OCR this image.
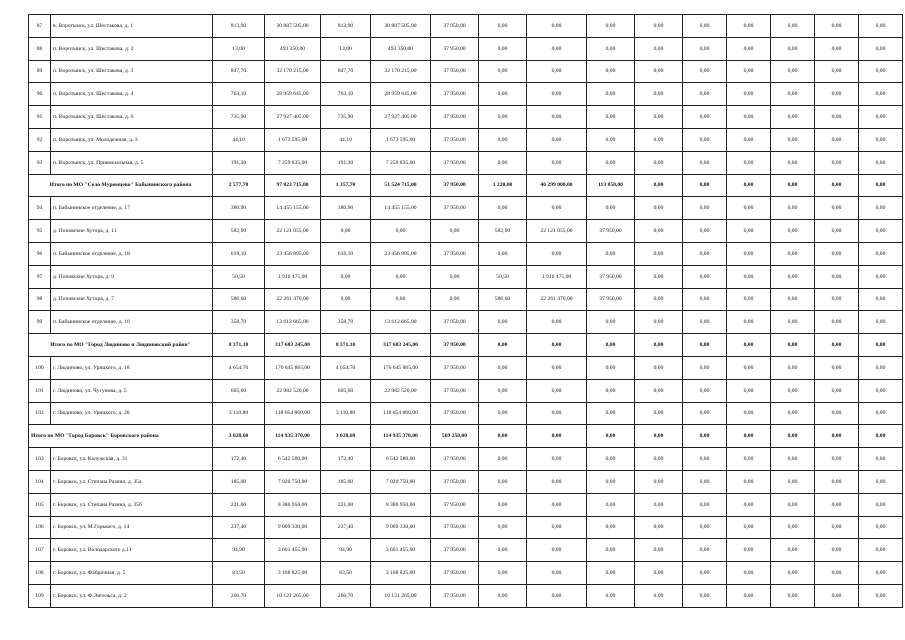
87	в. Воротынск, ул. Шестакова, д. 1	813,90	30 887 505,00	813,90	30 887 505,00	37 950,00	0,00	0,00	0,00	0,00	0,00	0,00	0,00	0,00	0,00
88	п. Воротынск, ул. Шестакова, д. 2	13,00	493 350,00	13,00	493 350,00	37 950,00	0,00	0,00	0,00	0,00	0,00	0,00	0,00	0,00	0,00
89	п. Воротынск, ул. Шестакова, д. 3	847,70	32 170 215,00	847,70	32 170 215,00	37 950,00	0,00	0,00	0,00	0,00	0,00	0,00	0,00	0,00	0,00
90	п. Воротынск, ул. Шестакова, д. 4	763,10	28 959 645,00	763,10	28 959 645,00	37 950,00	0,00	0,00	0,00	0,00	0,00	0,00	0,00	0,00	0,00
91	п. Воротынск, ул. Шестакова, д. 6	735,90	27 927 405,00	735,90	27 927 405,00	37 950,00	0,00	0,00	0,00	0,00	0,00	0,00	0,00	0,00	0,00
92	п. Воротынск, ул. Молодежная, д. 3	44,10	1 673 595,00	44,10	1 673 595,00	37 950,00	0,00	0,00	0,00	0,00	0,00	0,00	0,00	0,00	0,00
93	п. Воротынск, ул. Привокзальная, д. 5	191,30	7 259 835,00	191,30	7 259 835,00	37 950,00	0,00	0,00	0,00	0,00	0,00	0,00	0,00	0,00	0,00
Итого по МО "Село Муромцево" Бабынинского района		2 577,70	97 823 715,00	1 357,70	51 524 715,00	37 950,00	1 220,00	46 299 000,00	113 850,00	0,00	0,00	0,00	0,00	0,00	0,00
94	п. Бабынинское отделение, д. 17	380,90	14 455 155,00	380,90	14 455 155,00	37 950,00	0,00	0,00	0,00	0,00	0,00	0,00	0,00	0,00	0,00
95	д. Поповские Хутора, д. 11	582,90	22 121 055,00	0,00	0,00	0,00	582,90	22 121 055,00	37 950,00	0,00	0,00	0,00	0,00	0,00	0,00
96	п. Бабынинское отделение, д. 18	618,10	23 456 895,00	618,10	23 456 895,00	37 950,00	0,00	0,00	0,00	0,00	0,00	0,00	0,00	0,00	0,00
97	д. Поповские Хутора, д. 9	50,50	1 916 475,00	0,00	0,00	0,00	50,50	1 916 475,00	37 950,00	0,00	0,00	0,00	0,00	0,00	0,00
98	д. Поповские Хутора, д. 7	586,60	22 261 470,00	0,00	0,00	0,00	586,60	22 261 470,00	37 950,00	0,00	0,00	0,00	0,00	0,00	0,00
99	п. Бабынинское отделение, д. 16	358,70	13 612 665,00	358,70	13 612 665,00	37 950,00	0,00	0,00	0,00	0,00	0,00	0,00	0,00	0,00	0,00
Итого по МО "Город Людиново и Людиновский район"		8 371,10	317 683 245,00	8 371,10	317 683 245,00	37 950,00	0,00	0,00	0,00	0,00	0,00	0,00	0,00	0,00	0,00
100	г. Людиново, ул. Урицкого, д. 18	4 654,70	176 645 865,00	4 654,70	176 645 865,00	37 950,00	0,00	0,00	0,00	0,00	0,00	0,00	0,00	0,00	0,00
101	г. Людиново, ул. Чугунова, д. 5	605,60	22 982 520,00	605,60	22 982 520,00	37 950,00	0,00	0,00	0,00	0,00	0,00	0,00	0,00	0,00	0,00
102	г. Людиново, ул. Урицкого, д. 20	3 110,80	118 054 860,00	3 110,80	118 054 860,00	37 950,00	0,00	0,00	0,00	0,00	0,00	0,00	0,00	0,00	0,00
Итого по МО "Город Боровск" Боровского района		3 028,60	114 935 370,00	3 028,60	114 935 370,00	569 250,00	0,00	0,00	0,00	0,00	0,00	0,00	0,00	0,00	0,00
103	г. Боровск, ул. Калужская, д. 31	172,40	6 542 580,00	172,40	6 542 580,00	37 950,00	0,00	0,00	0,00	0,00	0,00	0,00	0,00	0,00	0,00
104	г. Боровск, ул. Степана Разина, д. 35а	185,00	7 020 750,00	185,00	7 020 750,00	37 950,00	0,00	0,00	0,00	0,00	0,00	0,00	0,00	0,00	0,00
105	г. Боровск, ул. Степана Разина, д. 35б	221,00	8 386 950,00	221,00	8 386 950,00	37 950,00	0,00	0,00	0,00	0,00	0,00	0,00	0,00	0,00	0,00
106	г. Боровск, ул. М.Горького, д. 14	237,40	9 009 330,00	237,40	9 009 330,00	37 950,00	0,00	0,00	0,00	0,00	0,00	0,00	0,00	0,00	0,00
107	г. Боровск, ул. Володарского д.11	94,90	3 601 455,00	94,90	3 601 455,00	37 950,00	0,00	0,00	0,00	0,00	0,00	0,00	0,00	0,00	0,00
108	г. Боровск, ул. Фабричная, д. 5	83,50	3 168 825,00	83,50	3 168 825,00	37 950,00	0,00	0,00	0,00	0,00	0,00	0,00	0,00	0,00	0,00
109	г. Боровск, ул. Ф.Энгельса, д. 2	266,70	10 121 265,00	266,70	10 121 265,00	37 950,00	0,00	0,00	0,00	0,00	0,00	0,00	0,00	0,00	0,00
